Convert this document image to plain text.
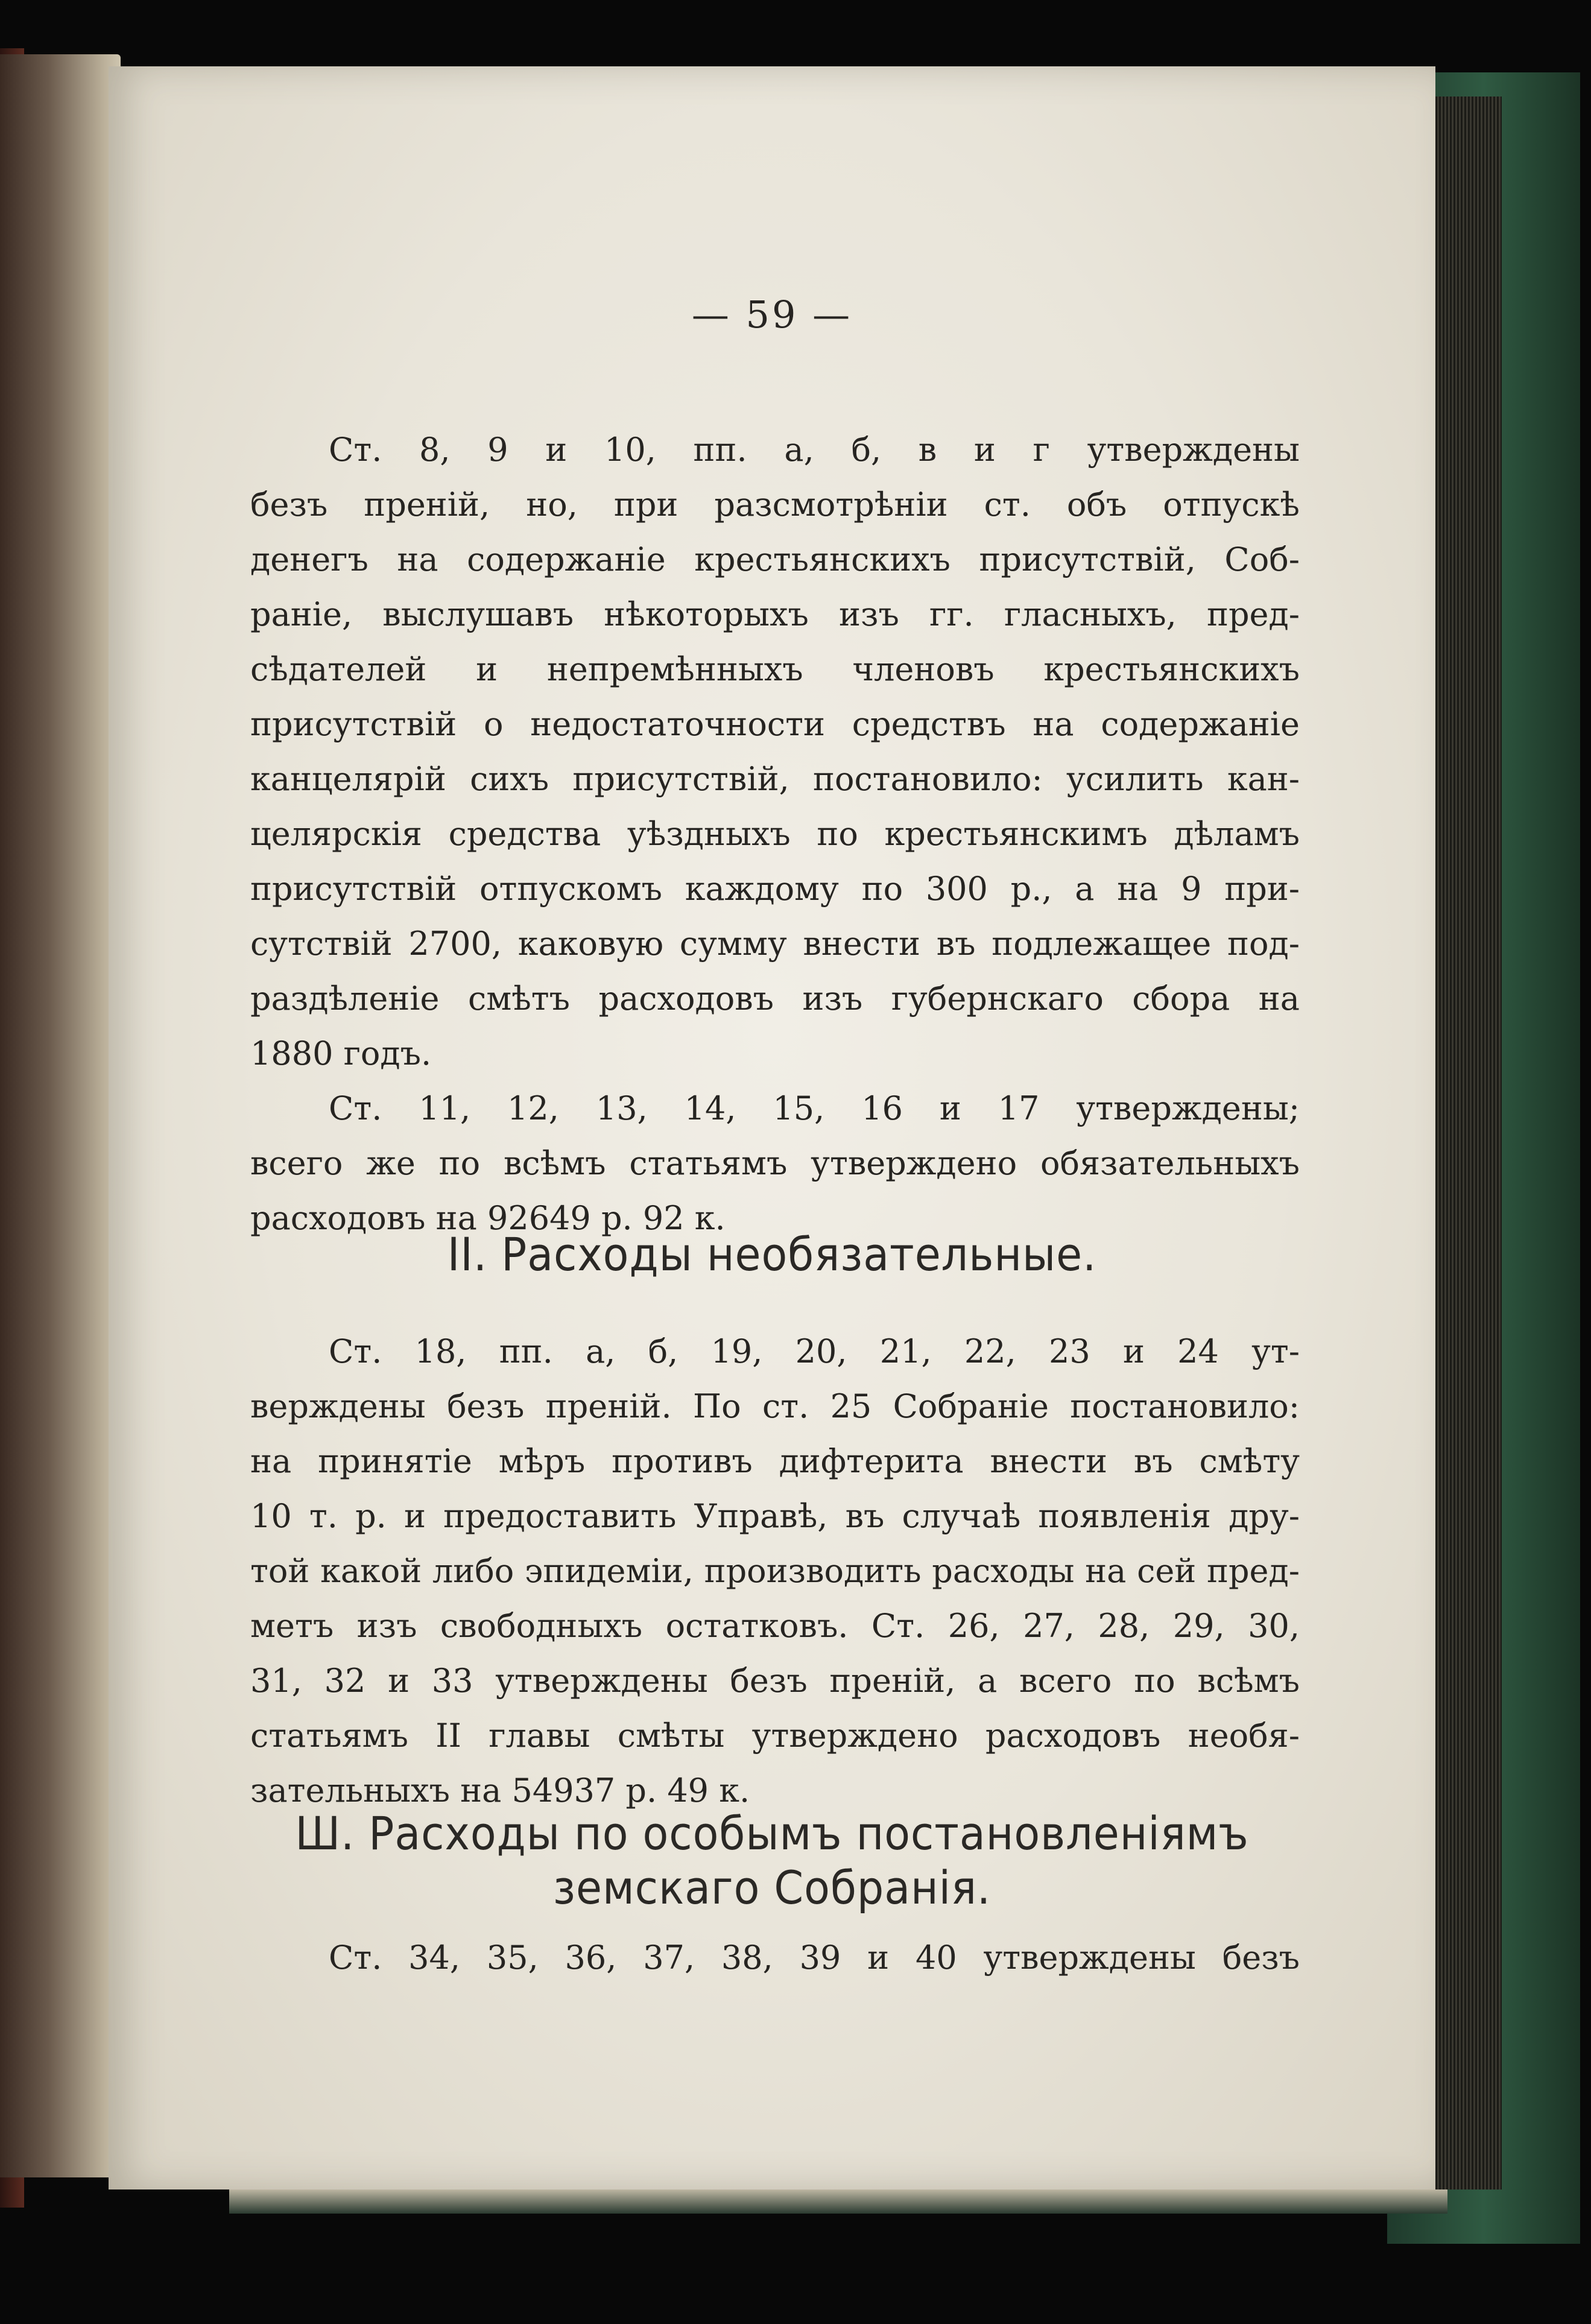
— 59 —
Ст. 8, 9 и 10, пп. а, б, в и г утверждены
безъ преній, но, при разсмотрѣніи ст. объ отпускѣ
денегъ на содержаніе крестьянскихъ присутствій, Соб-
раніе, выслушавъ нѣкоторыхъ изъ гг. гласныхъ, пред-
сѣдателей и непремѣнныхъ членовъ крестьянскихъ
присутствій о недостаточности средствъ на содержаніе
канцелярій сихъ присутствій, постановило: усилить кан-
целярскія средства уѣздныхъ по крестьянскимъ дѣламъ
присутствій отпускомъ каждому по 300 р., а на 9 при-
сутствій 2700, каковую сумму внести въ подлежащее под-
раздѣленіе смѣтъ расходовъ изъ губернскаго сбора на
1880 годъ.
Ст. 11, 12, 13, 14, 15, 16 и 17 утверждены;
всего же по всѣмъ статьямъ утверждено обязательныхъ
расходовъ на 92649 р. 92 к.
II. Расходы необязательные.
Ст. 18, пп. а, б, 19, 20, 21, 22, 23 и 24 ут-
верждены безъ преній. По ст. 25 Собраніе постановило:
на принятіе мѣръ противъ дифтерита внести въ смѣту
10 т. р. и предоставить Управѣ, въ случаѣ появленія дру-
той какой либо эпидеміи, производить расходы на сей пред-
метъ изъ свободныхъ остатковъ. Ст. 26, 27, 28, 29, 30,
31, 32 и 33 утверждены безъ преній, а всего по всѣмъ
статьямъ II главы смѣты утверждено расходовъ необя-
зательныхъ на 54937 р. 49 к.
Ш. Расходы по особымъ постановленіямъ
земскаго Собранія.
Ст. 34, 35, 36, 37, 38, 39 и 40 утверждены безъ
